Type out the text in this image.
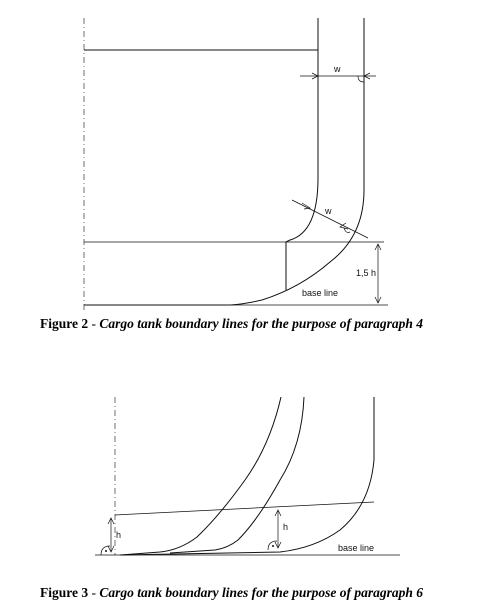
w
w
1,5 h
base line
h
h
base line
Figure 2 - Cargo tank boundary lines for the purpose of paragraph 4
Figure 3 - Cargo tank boundary lines for the purpose of paragraph 6
